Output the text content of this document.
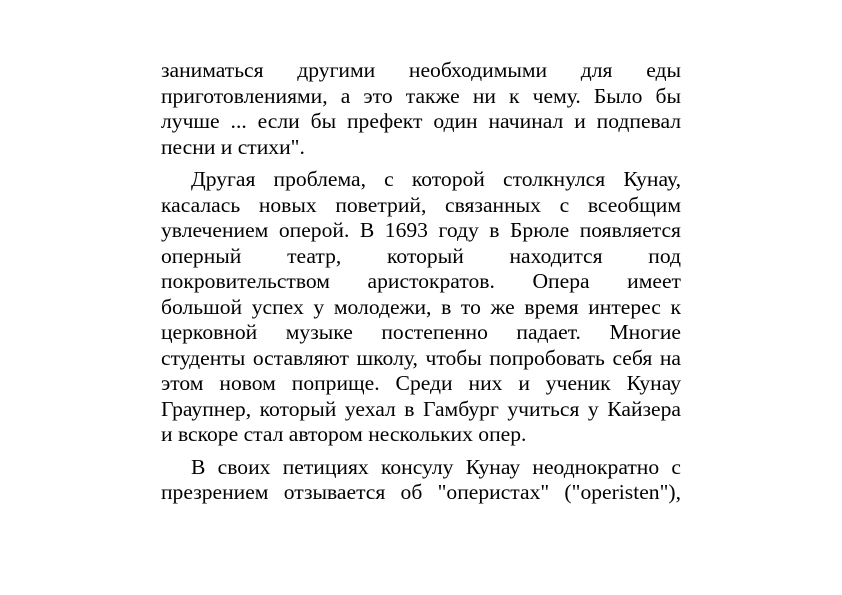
заниматься другими необходимыми для еды
приготовлениями, а это также ни к чему. Было бы
лучше ... если бы префект один начинал и подпевал
песни и стихи".
Другая проблема, с которой столкнулся Кунау,
касалась новых поветрий, связанных с всеобщим
увлечением оперой. В 1693 году в Брюле появляется
оперный театр, который находится под
покровительством аристократов. Опера имеет
большой успех у молодежи, в то же время интерес к
церковной музыке постепенно падает. Многие
студенты оставляют школу, чтобы попробовать себя на
этом новом поприще. Среди них и ученик Кунау
Граупнер, который уехал в Гамбург учиться у Кайзера
и вскоре стал автором нескольких опер.
В своих петициях консулу Кунау неоднократно с
презрением отзывается об "оперистах" ("operisten"),
